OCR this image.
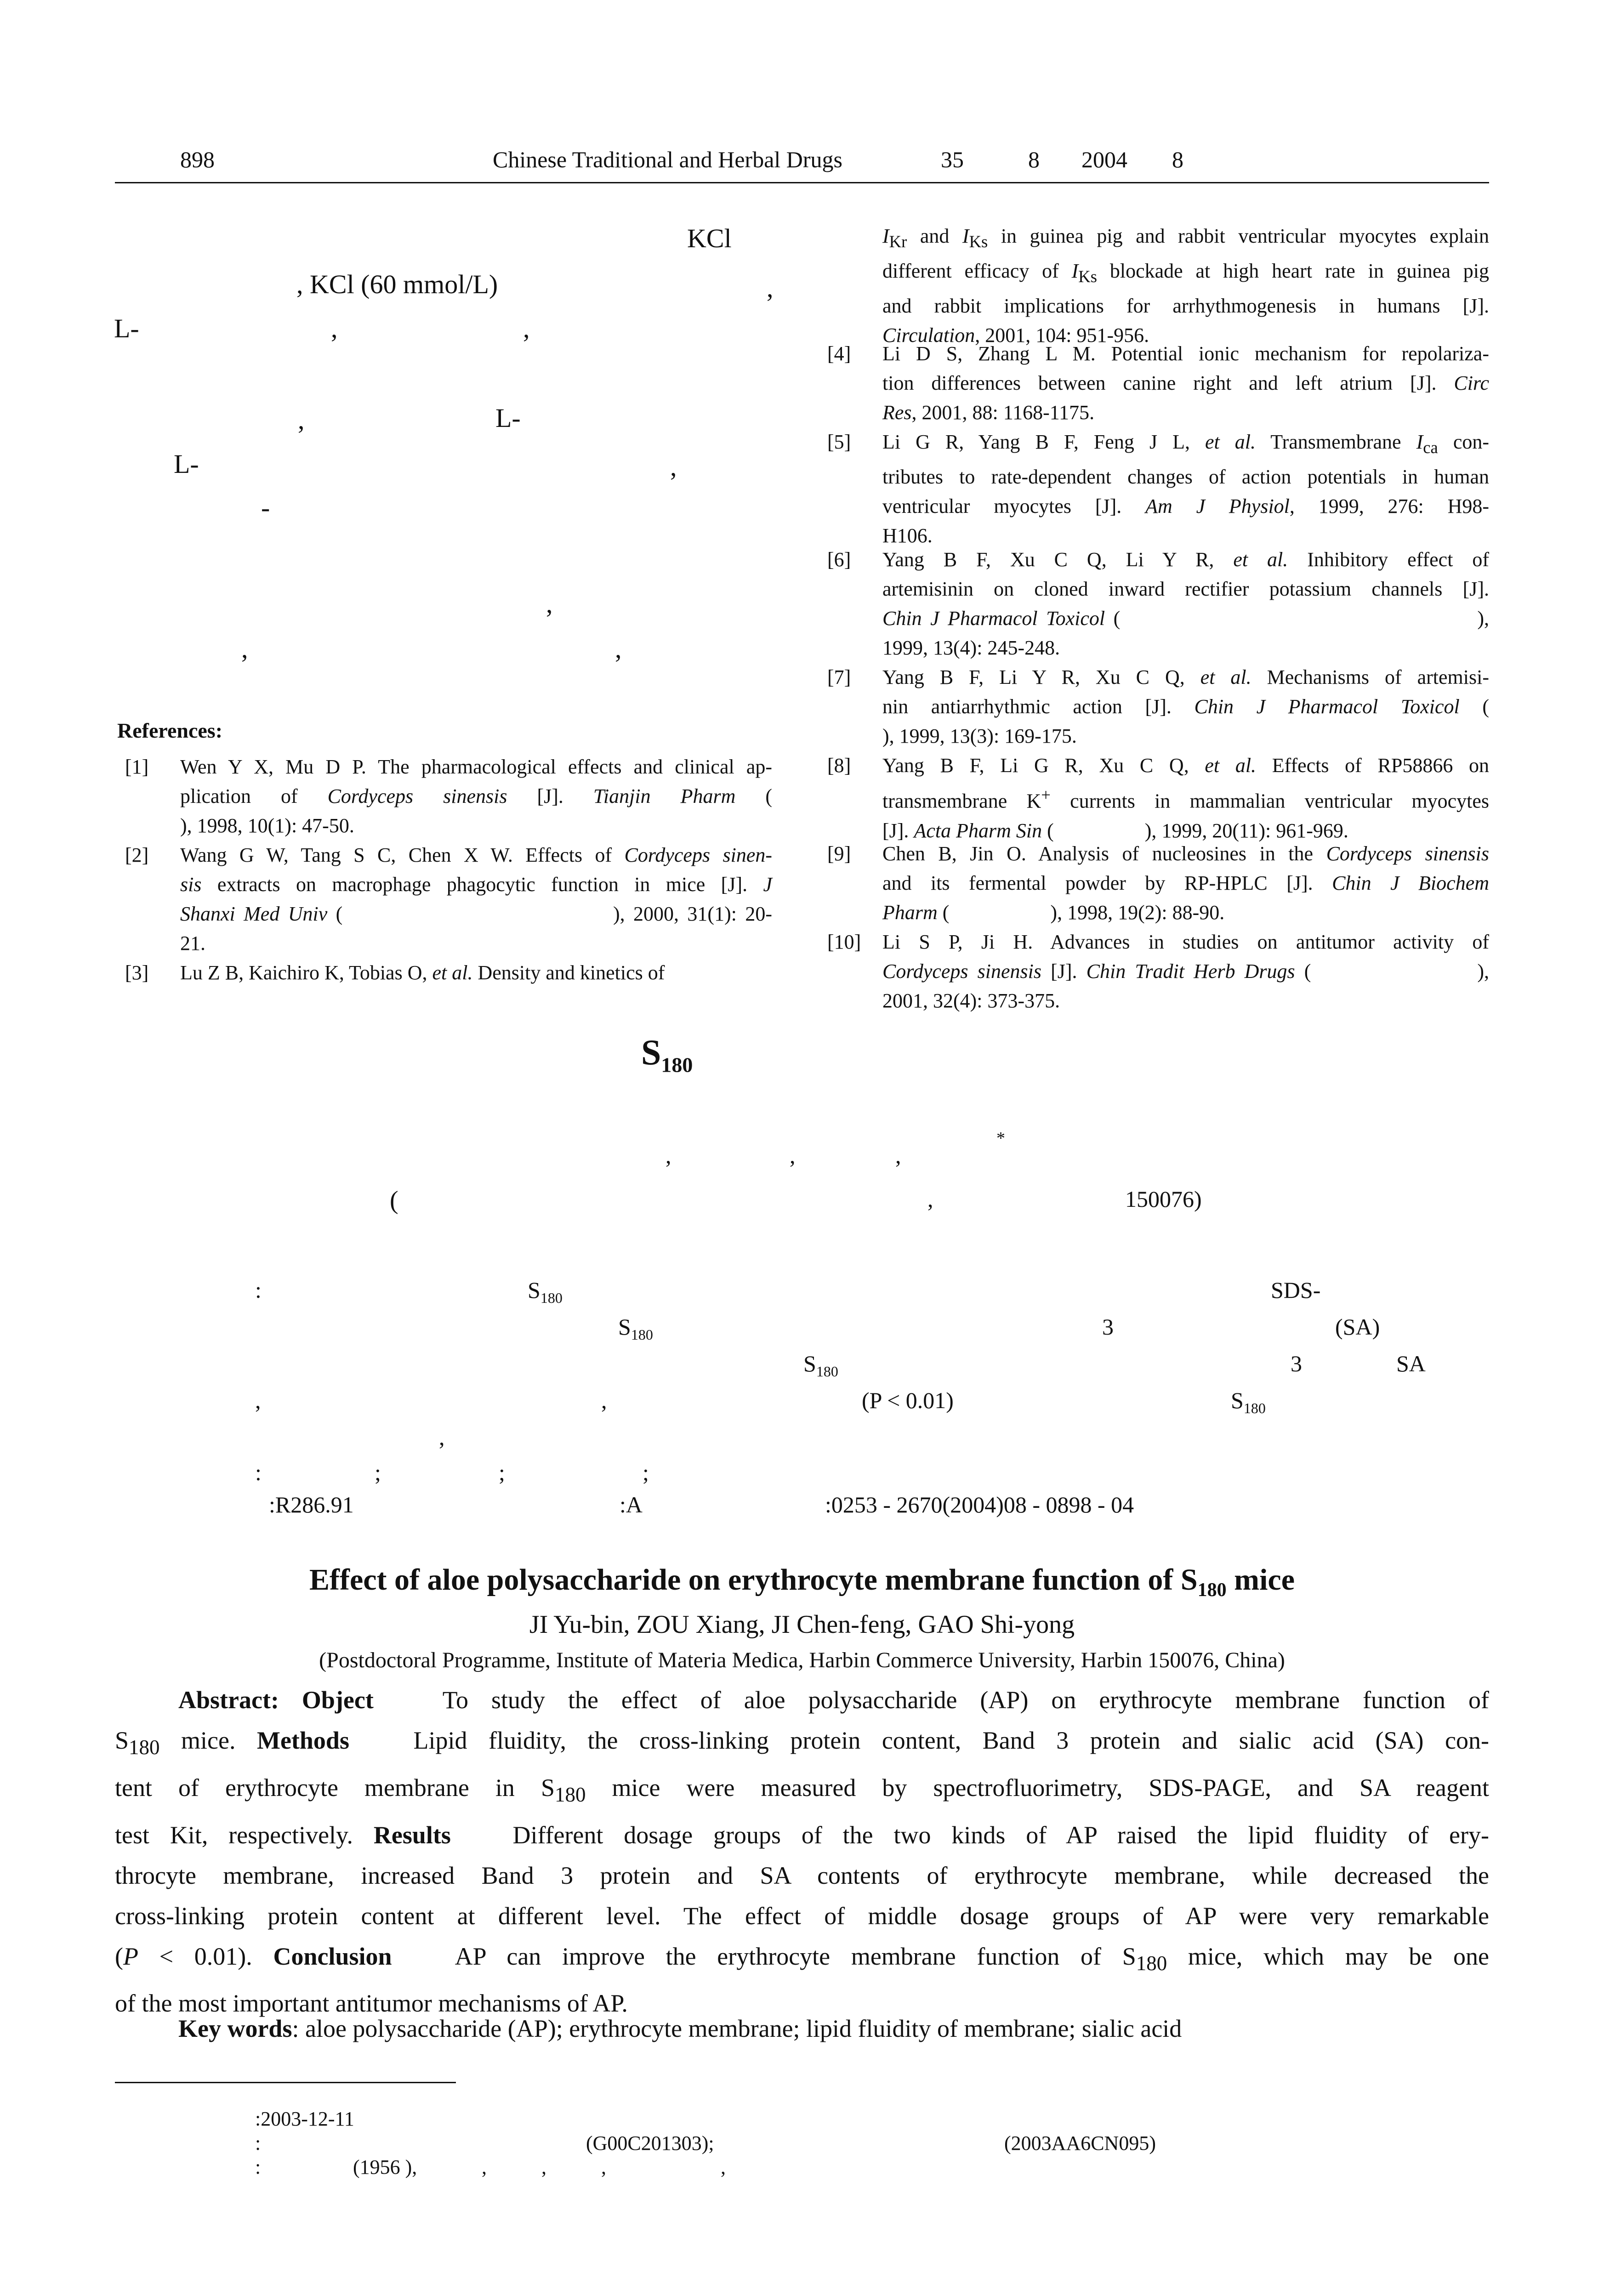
898	Chinese Traditional and Herbal Drugs	35	8 2004 8
KCl
, KCl (60 mmol/L)	,
L-	,	,
,	L-
L-	,
-
,
,	,
References:
[1]	Wen Y X, Mu D P. The pharmacological effects and clinical ap-
plication of Cordyceps sinensis [J]. Tianjin Pharm (
), 1998, 10(1): 47-50.
[2]	Wang G W, Tang S C, Chen X W. Effects of Cordyceps sinen-
sis extracts on macrophage phagocytic function in mice [J]. J
Shanxi Med Univ (                                ), 2000, 31(1): 20-
21.
[3]	Lu Z B, Kaichiro K, Tobias O, et al. Density and kinetics of
$I_{Kr}$ and $I_{Ks}$ in guinea pig and rabbit ventricular myocytes explain
different efficacy of $I_{Ks}$ blockade at high heart rate in guinea pig
and rabbit implications for arrhythmogenesis in humans [J].
Circulation, 2001, 104: 951-956.
[4]	Li D S, Zhang L M. Potential ionic mechanism for repolariza-
tion differences between canine right and left atrium [J]. Circ
Res, 2001, 88: 1168-1175.
[5]	Li G R, Yang B F, Feng J L, et al. Transmembrane $I_{ca}$ con-
tributes to rate-dependent changes of action potentials in human
ventricular myocytes [J]. Am J Physiol, 1999, 276: H98-
H106.
[6]	Yang B F, Xu C Q, Li Y R, et al. Inhibitory effect of
artemisinin on cloned inward rectifier potassium channels [J].
Chin J Pharmacol Toxicol (                                          ),
1999, 13(4): 245-248.
[7]	Yang B F, Li Y R, Xu C Q, et al. Mechanisms of artemisi-
nin antiarrhythmic action [J]. Chin J Pharmacol Toxicol (
), 1999, 13(3): 169-175.
[8]	Yang B F, Li G R, Xu C Q, et al. Effects of RP58866 on
transmembrane K+ currents in mammalian ventricular myocytes
[J]. Acta Pharm Sin (                  ), 1999, 20(11): 961-969.
[9]	Chen B, Jin O. Analysis of nucleosines in the Cordyceps sinensis
and its fermental powder by RP-HPLC [J]. Chin J Biochem
Pharm (                    ), 1998, 19(2): 88-90.
[10]	Li S P, Ji H. Advances in studies on antitumor activity of
Cordyceps sinensis [J]. Chin Tradit Herb Drugs (                  ),
2001, 32(4): 373-375.
$S_{180}$
,	,	,
*
(	,	150076)
:	$S_{180}$	SDS-
$S_{180}$	3	(SA)
$S_{180}$	3	SA
,	,	(P < 0.01)	$S_{180}$
,
:	;	;	;
:R286.91	:A	:0253 - 2670(2004)08 - 0898 - 04
Effect of aloe polysaccharide on erythrocyte membrane function of $S_{180}$ mice
JI Yu-bin, ZOU Xiang, JI Chen-feng, GAO Shi-yong
(Postdoctoral Programme, Institute of Materia Medica, Harbin Commerce University, Harbin 150076, China)
Abstract: Object   To study the effect of aloe polysaccharide (AP) on erythrocyte membrane function of
$S_{180}$ mice. Methods   Lipid fluidity, the cross-linking protein content, Band 3 protein and sialic acid (SA) con-
tent of erythrocyte membrane in $S_{180}$ mice were measured by spectrofluorimetry, SDS-PAGE, and SA reagent
test Kit, respectively. Results   Different dosage groups of the two kinds of AP raised the lipid fluidity of ery-
throcyte membrane, increased Band 3 protein and SA contents of erythrocyte membrane, while decreased the
cross-linking protein content at different level. The effect of middle dosage groups of AP were very remarkable
(P < 0.01). Conclusion   AP can improve the erythrocyte membrane function of $S_{180}$ mice, which may be one
of the most important antitumor mechanisms of AP.
Key words: aloe polysaccharide (AP); erythrocyte membrane; lipid fluidity of membrane; sialic acid
:2003-12-11
:	(G00C201303);	(2003AA6CN095)
:	(1956 ),	,	,	,	,
